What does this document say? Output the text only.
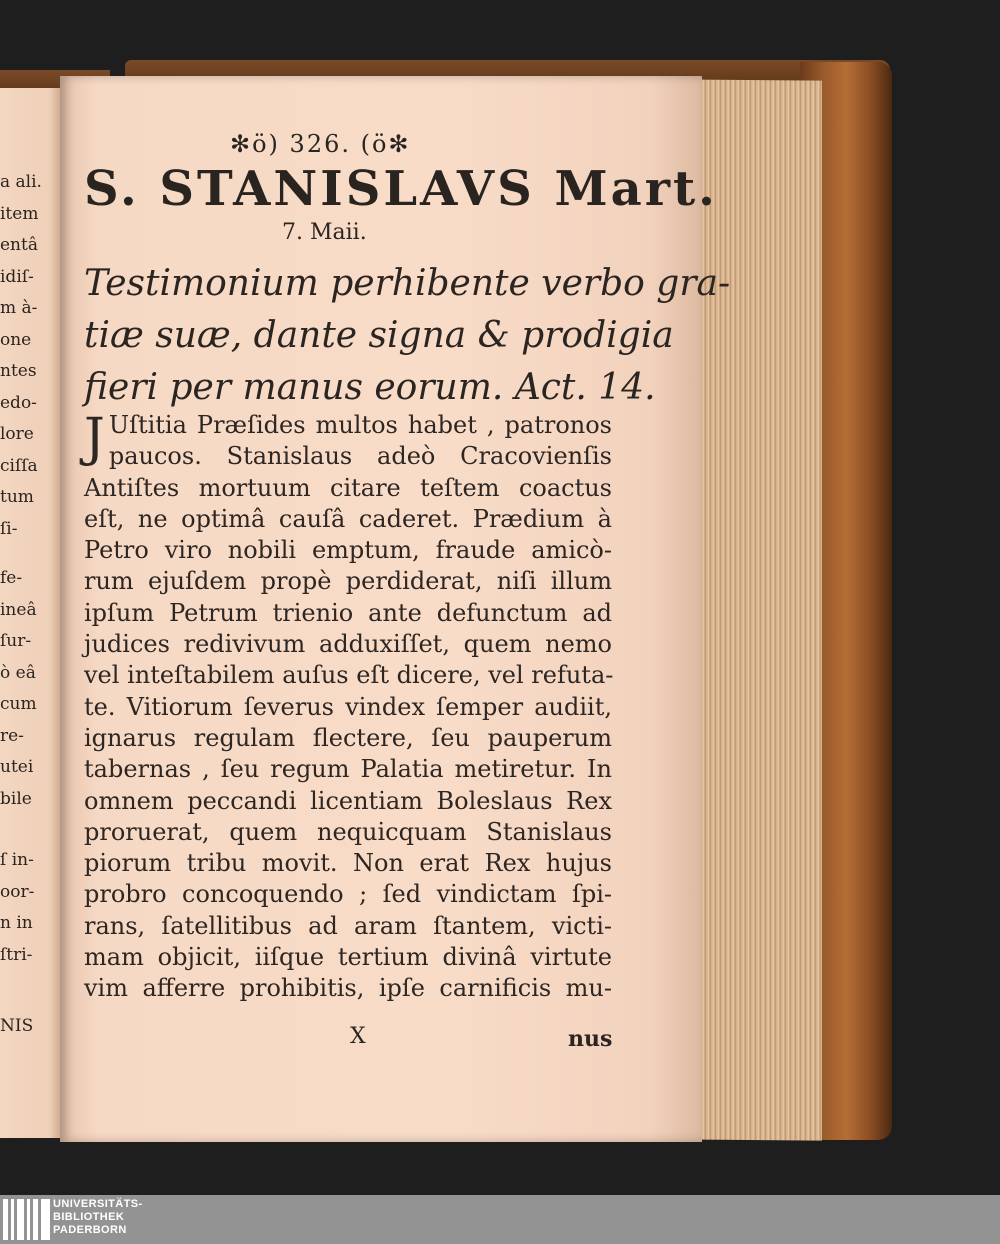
a ali.
item
entâ
idiſ-
m à-
one
ntes
edo-
lore
ciſſa
tum
ſi-
fe-
ineâ
ſur-
ò eâ
cum
re-
utei
bile
ſ in-
oor-
n in
ſtri-
NIS
✻ö) 326. (ö✻
S. STANISLAVS Mart.
7. Maii.
Testimonium perhibente verbo gra-
tiæ suæ, dante signa & prodigia
fieri per manus eorum. Act. 14.
J Uſtitia Præſides multos habet , patronos
paucos. Stanislaus adeò Cracovienſis
Antiſtes mortuum citare teſtem coactus
eſt, ne optimâ cauſâ caderet. Prædium à
Petro viro nobili emptum, fraude amicò-
rum ejuſdem propè perdiderat, niſi illum
ipſum Petrum trienio ante defunctum ad
judices redivivum adduxiſſet, quem nemo
vel inteſtabilem auſus eſt dicere, vel refuta-
te. Vitiorum ſeverus vindex ſemper audiit,
ignarus regulam flectere, ſeu pauperum
tabernas , ſeu regum Palatia metiretur. In
omnem peccandi licentiam Boleslaus Rex
proruerat, quem nequicquam Stanislaus
piorum tribu movit. Non erat Rex hujus
probro concoquendo ; ſed vindictam ſpi-
rans, ſatellitibus ad aram ſtantem, victi-
mam objicit, iiſque tertium divinâ virtute
vim afferre prohibitis, ipſe carnificis mu-
X	nus
UNIVERSITÄTS-
BIBLIOTHEK
PADERBORN
